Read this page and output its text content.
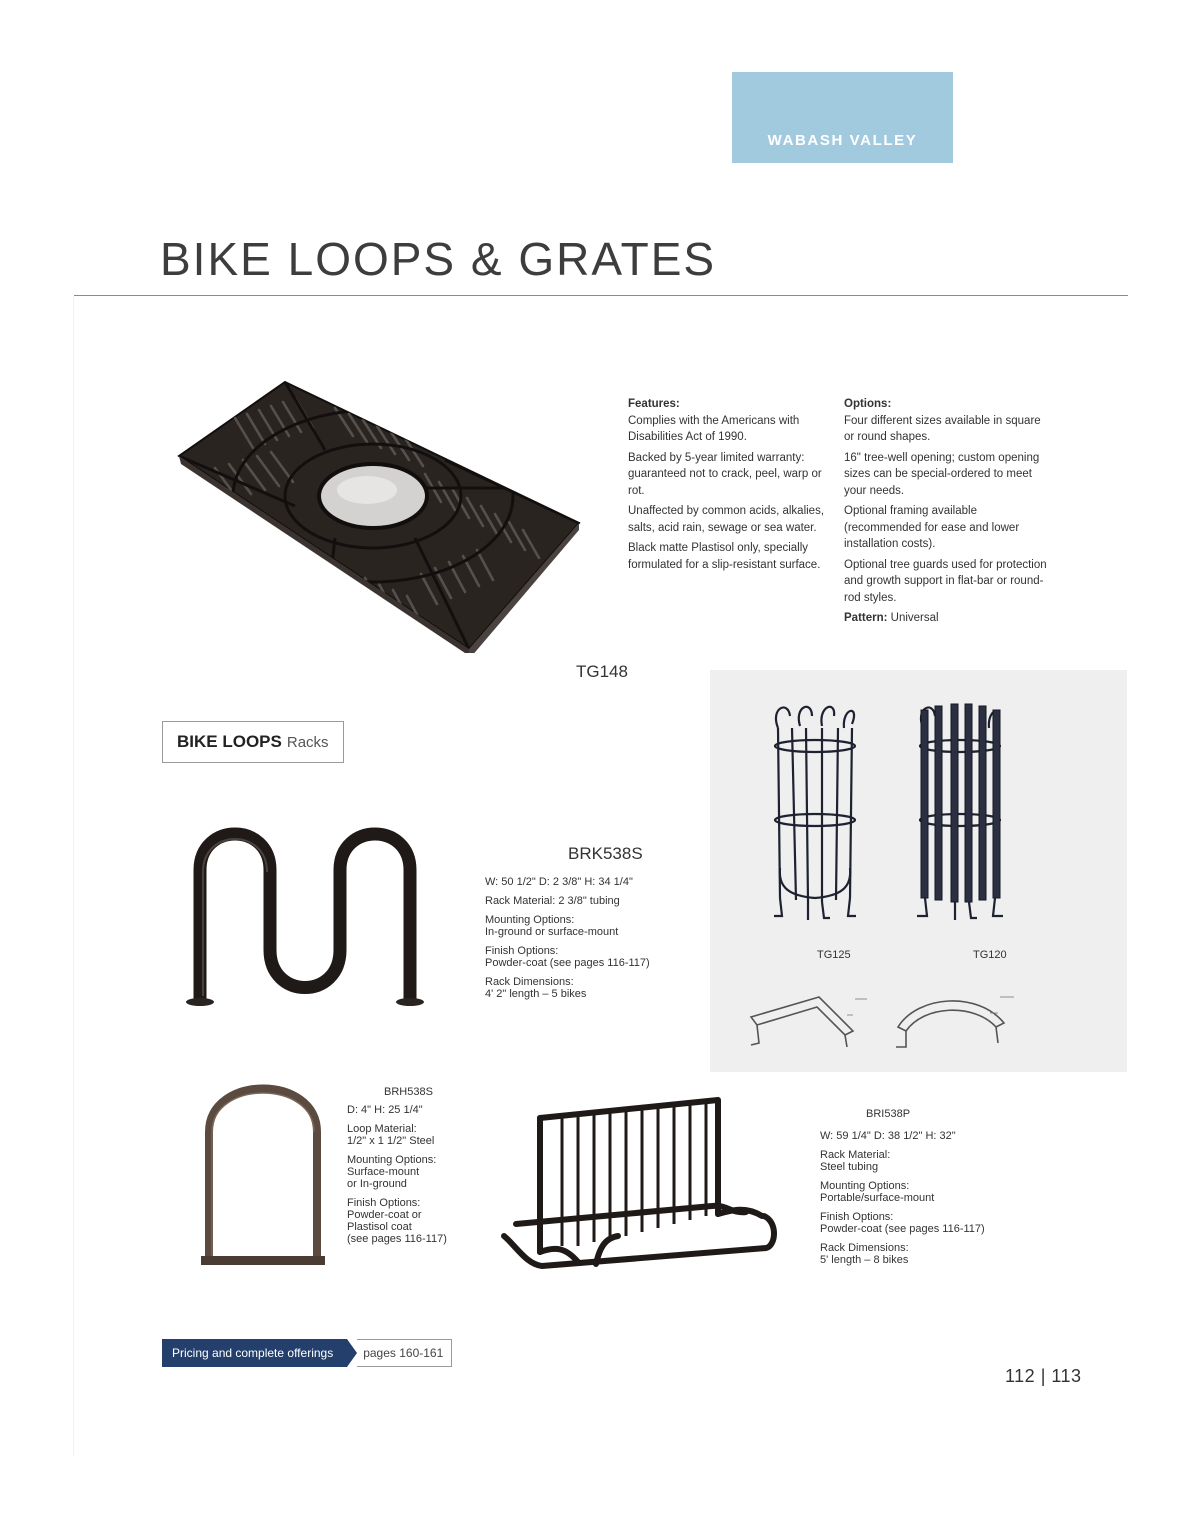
WABASH VALLEY
BIKE LOOPS & GRATES
Features:

Complies with the Americans with Disabilities Act of 1990.

Backed by 5-year limited warranty: guaranteed not to crack, peel, warp or rot.

Unaffected by common acids, alkalies, salts, acid rain, sewage or sea water.

Black matte Plastisol only, specially formulated for a slip-resistant surface.

Options:

Four different sizes available in square or round shapes.

16" tree-well opening; custom opening sizes can be special-ordered to meet your needs.

Optional framing available (recommended for ease and lower installation costs).

Optional tree guards used for protection and growth support in flat-bar or round-rod styles.

Pattern: Universal

TG148
TG125	TG120
BIKE LOOPS Racks
BRK538S

W: 50 1/2" D: 2 3/8" H: 34 1/4"

Rack Material: 2 3/8" tubing

Mounting Options:

In-ground or surface-mount

Finish Options:

Powder-coat (see pages 116-117)

Rack Dimensions:

4' 2" length – 5 bikes

BRH538S

D: 4" H: 25 1/4"

Loop Material:

1/2" x 1 1/2" Steel

Mounting Options:

Surface-mount

or In-ground

Finish Options:

Powder-coat or

Plastisol coat

(see pages 116-117)

BRI538P

W: 59 1/4" D: 38 1/2" H: 32"

Rack Material:

Steel tubing

Mounting Options:

Portable/surface-mount

Finish Options:

Powder-coat (see pages 116-117)

Rack Dimensions:

5' length – 8 bikes

Pricing and complete offerings	pages 160-161
112 | 113
